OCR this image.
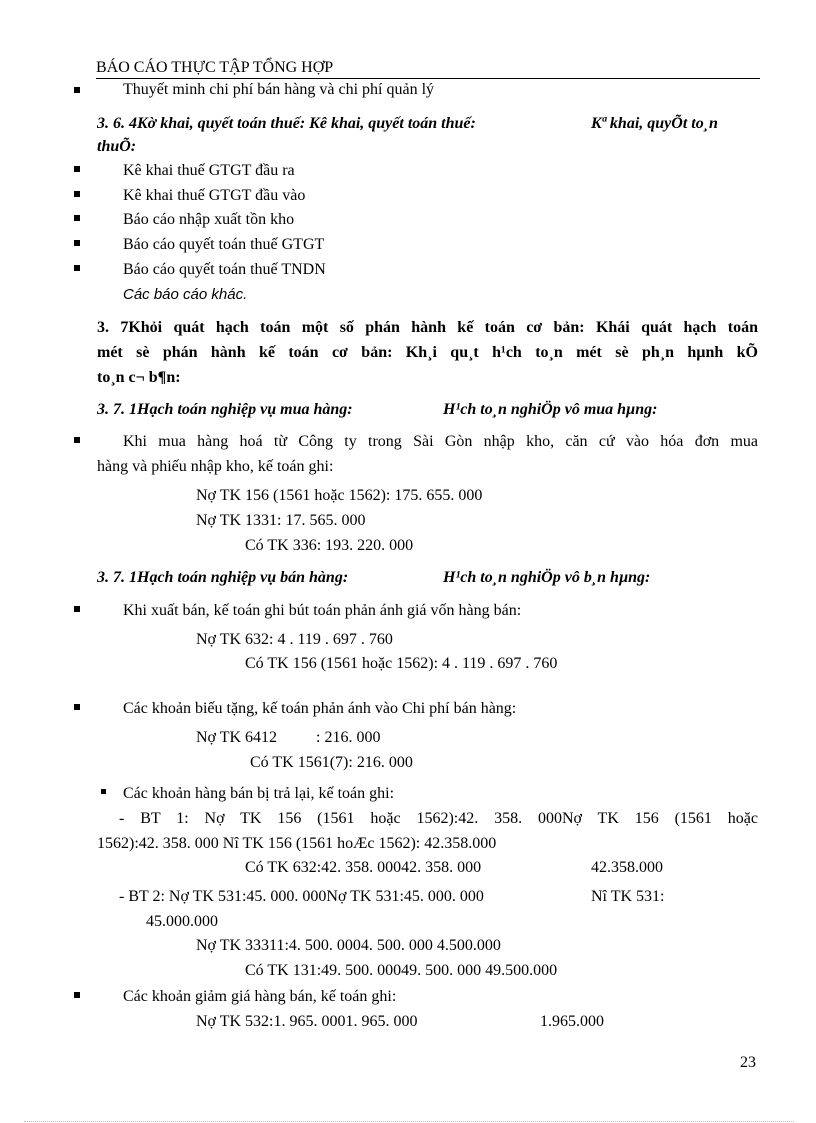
BÁO CÁO THỰC TẬP TỔNG HỢP
Thuyết minh chi phí bán hàng và chi phí quản lý
3. 6. 4Kờ khai, quyết toán thuế: Kê khai, quyết toán thuế:	Kª khai, quyÕt to¸n
thuÕ:
Kê khai thuế GTGT đầu ra
Kê khai thuế GTGT đầu vào
Báo cáo nhập xuất tồn kho
Báo cáo quyết toán thuế GTGT
Báo cáo quyết toán thuế TNDN
Các báo cáo khác.
3. 7Khỏi quát hạch toán một số phán hành kế toán cơ bản: Khái quát hạch toán
mét sè phán hành kế toán cơ bản: Kh¸i qu¸t h¹ch to¸n mét sè ph¸n hµnh kÕ
to¸n c¬ b¶n:
3. 7. 1Hạch toán nghiệp vụ mua hàng:	H¹ch to¸n nghiÖp vô mua hµng:
Khi mua hàng hoá từ Công ty trong Sài Gòn nhập kho, căn cứ vào hóa đơn mua
hàng và phiếu nhập kho, kế toán ghi:
Nợ TK 156 (1561 hoặc 1562): 175. 655. 000
Nợ TK 1331: 17. 565. 000
Có TK 336: 193. 220. 000
3. 7. 1Hạch toán nghiệp vụ bán hàng:	H¹ch to¸n nghiÖp vô b¸n hµng:
Khi xuất bán, kế toán ghi bút toán phản ánh giá vốn hàng bán:
Nợ TK 632: 4 . 119 . 697 . 760
Có TK 156 (1561 hoặc 1562): 4 . 119 . 697 . 760
Các khoản biếu tặng, kế toán phản ánh vào Chi phí bán hàng:
Nợ TK 6412 : 216. 000
Có TK 1561(7): 216. 000
Các khoản hàng bán bị trả lại, kế toán ghi:
- BT 1: Nợ TK 156 (1561 hoặc 1562):42. 358. 000Nợ TK 156 (1561 hoặc
1562):42. 358. 000 Nî TK 156 (1561 hoÆc 1562): 42.358.000
Có TK 632:42. 358. 00042. 358. 000	42.358.000
- BT 2: Nợ TK 531:45. 000. 000Nợ TK 531:45. 000. 000	Nî TK 531:
45.000.000
Nợ TK 33311:4. 500. 0004. 500. 000 4.500.000
Có TK 131:49. 500. 00049. 500. 000 49.500.000
Các khoản giảm giá hàng bán, kế toán ghi:
Nợ TK 532:1. 965. 0001. 965. 000	1.965.000
23
